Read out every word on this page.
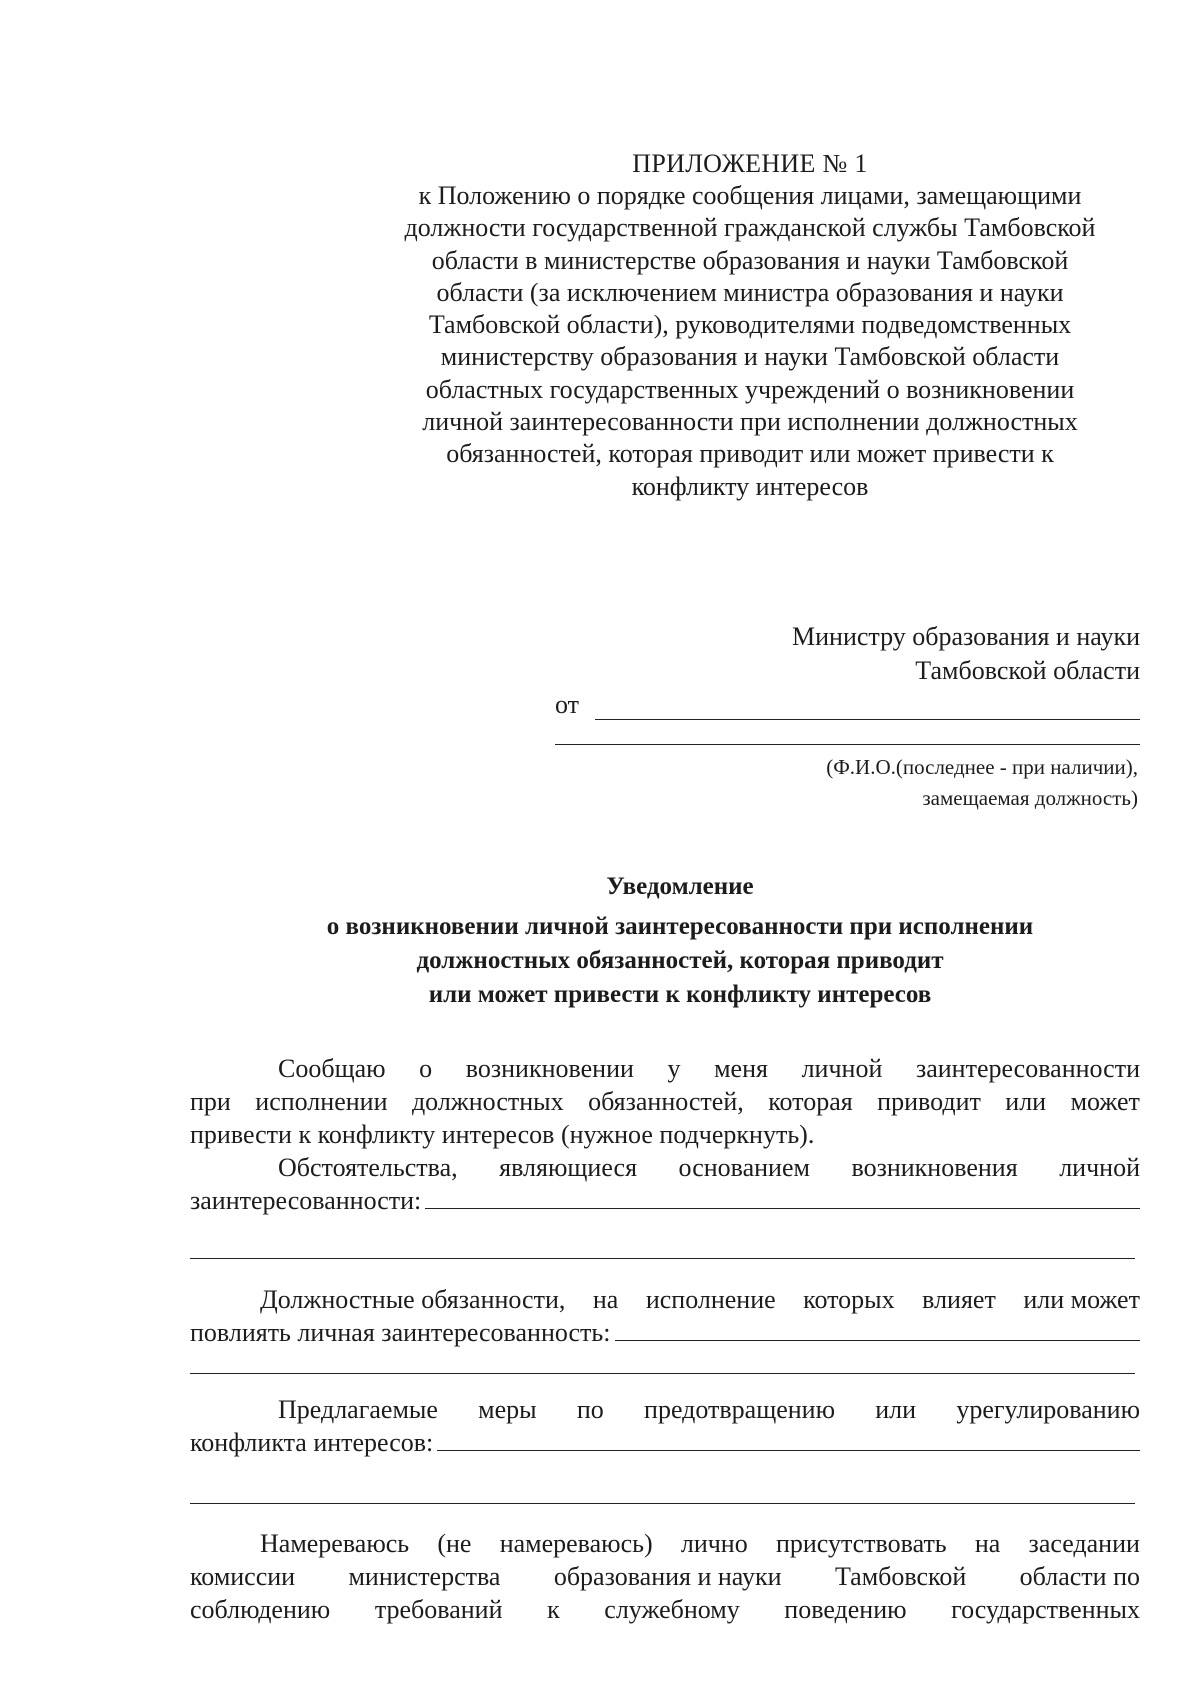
ПРИЛОЖЕНИЕ № 1
к Положению о порядке сообщения лицами, замещающими
должности государственной гражданской службы Тамбовской
области в министерстве образования и науки Тамбовской
области (за исключением министра образования и науки
Тамбовской области), руководителями подведомственных
министерству образования и науки Тамбовской области
областных государственных учреждений о возникновении
личной заинтересованности при исполнении должностных
обязанностей, которая приводит или может привести к
конфликту интересов
Министру образования и науки
Тамбовской области
от
(Ф.И.О.(последнее - при наличии),
замещаемая должность)
Уведомление
о возникновении личной заинтересованности при исполнении
должностных обязанностей, которая приводит
или может привести к конфликту интересов
Сообщаю о возникновении у меня личной заинтересованности
при исполнении должностных обязанностей, которая приводит или может
привести к конфликту интересов (нужное подчеркнуть).
Обстоятельства, являющиеся основанием возникновения личной
заинтересованности:
Должностные обязанности, на исполнение которых влияет или может
повлиять личная заинтересованность:
Предлагаемые меры по предотвращению или урегулированию
конфликта интересов:
Намереваюсь (не намереваюсь) лично присутствовать на заседании
комиссии министерства образования и науки Тамбовской области по
соблюдению требований к служебному поведению государственных
